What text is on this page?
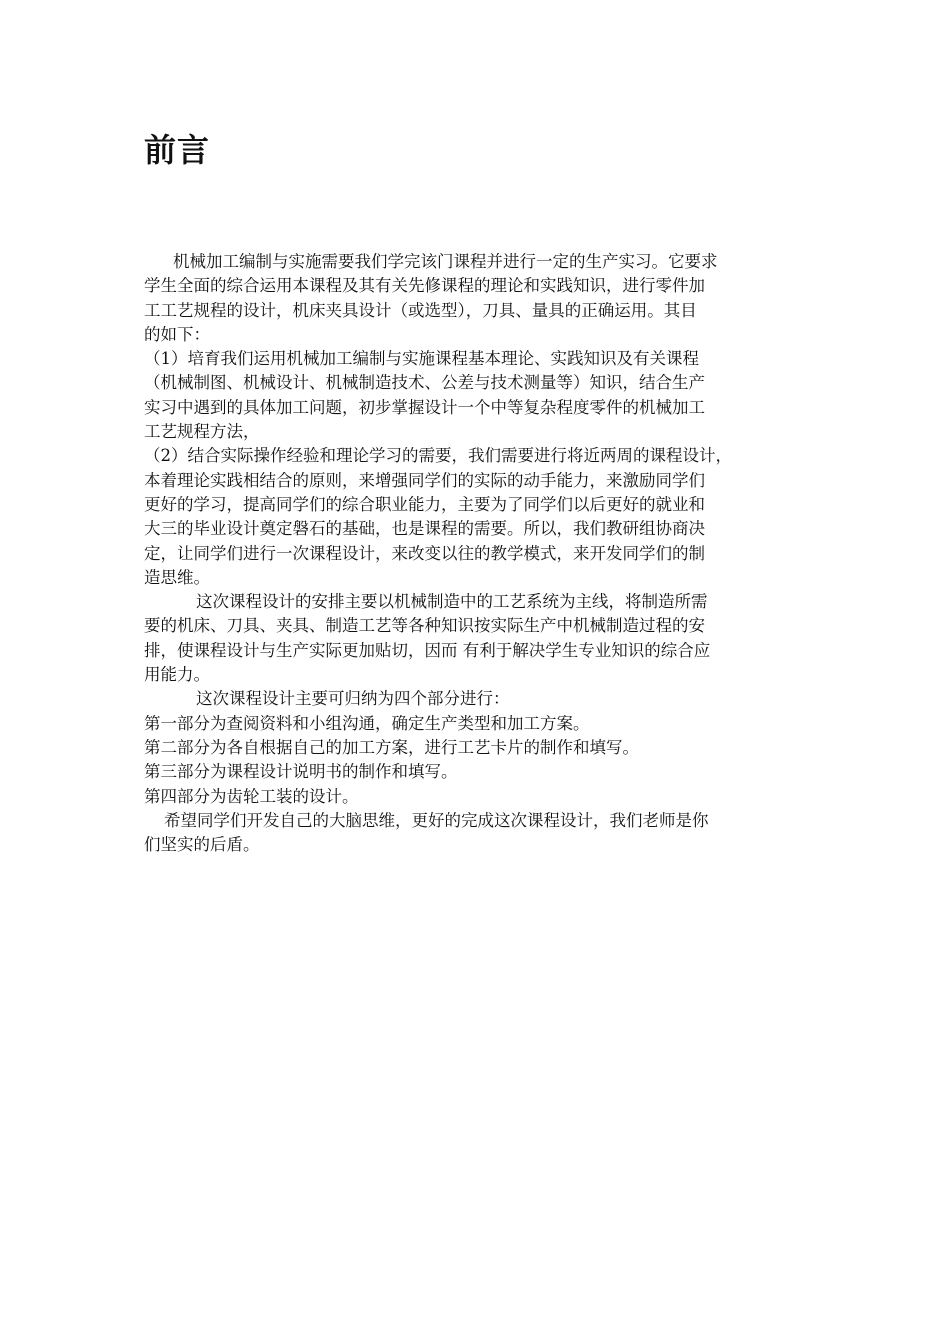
前言
机械加工编制与实施需要我们学完该门课程并进行一定的生产实习。它要求
学生全面的综合运用本课程及其有关先修课程的理论和实践知识，进行零件加
工工艺规程的设计，机床夹具设计（或选型），刀具、量具的正确运用。其目
的如下：
（1）培育我们运用机械加工编制与实施课程基本理论、实践知识及有关课程
（机械制图、机械设计、机械制造技术、公差与技术测量等）知识，结合生产
实习中遇到的具体加工问题，初步掌握设计一个中等复杂程度零件的机械加工
工艺规程方法，
（2）结合实际操作经验和理论学习的需要，我们需要进行将近两周的课程设计，
本着理论实践相结合的原则，来增强同学们的实际的动手能力，来激励同学们
更好的学习，提高同学们的综合职业能力，主要为了同学们以后更好的就业和
大三的毕业设计奠定磐石的基础，也是课程的需要。所以，我们教研组协商决
定，让同学们进行一次课程设计，来改变以往的教学模式，来开发同学们的制
造思维。
这次课程设计的安排主要以机械制造中的工艺系统为主线，将制造所需
要的机床、刀具、夹具、制造工艺等各种知识按实际生产中机械制造过程的安
排，使课程设计与生产实际更加贴切，因而 有利于解决学生专业知识的综合应
用能力。
这次课程设计主要可归纳为四个部分进行：
第一部分为查阅资料和小组沟通，确定生产类型和加工方案。
第二部分为各自根据自己的加工方案，进行工艺卡片的制作和填写。
第三部分为课程设计说明书的制作和填写。
第四部分为齿轮工装的设计。
希望同学们开发自己的大脑思维，更好的完成这次课程设计，我们老师是你
们坚实的后盾。
